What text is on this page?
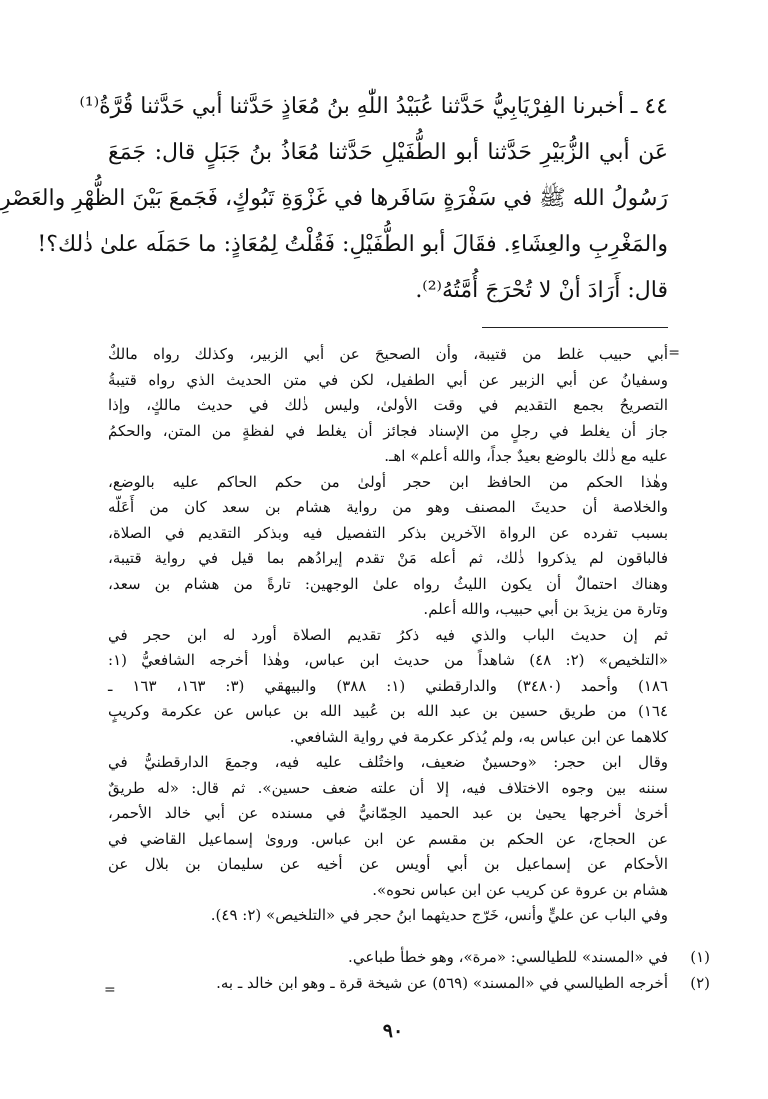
٤٤ ـ أخبرنا الفِرْيَابِيُّ حَدَّثنا عُبَيْدُ اللّٰهِ بنُ مُعَاذٍ حَدَّثنا أبي حَدَّثنا قُرَّةُ⁽¹⁾
عَن أبي الزُّبَيْرِ حَدَّثنا أبو الطُّفَيْلِ حَدَّثنا مُعَاذُ بنُ جَبَلٍ قال: جَمَعَ
رَسُولُ الله ﷺ في سَفْرَةٍ سَافَرها في غَزْوَةِ تَبُوكٍ، فَجَمعَ بَيْنَ الظُّهْرِ والعَصْرِ
والمَغْرِبِ والعِشَاءِ. فقَالَ أبو الطُّفَيْلِ: فَقُلْتُ لِمُعَاذٍ: ما حَمَلَه علىٰ ذٰلك؟!
قال: أَرَادَ أنْ لا تُحْرَجَ أُمَّتُهُ⁽²⁾.
=
أبي حبيب غلط من قتيبة، وأن الصحيحَ عن أبي الزبير، وكذلك رواه مالكٌ
وسفيانُ عن أبي الزبير عن أبي الطفيل، لكن في متن الحديث الذي رواه قتيبةُ
التصريحُ بجمع التقديم في وقت الأولىٰ، وليس ذٰلك في حديث مالكٍ، وإذا
جاز أن يغلط في رجلٍ من الإسناد فجائز أن يغلط في لفظةٍ من المتن، والحكمُ
عليه مع ذٰلك بالوضع بعيدٌ جداً، والله أعلم» اهـ.
وهٰذا الحكم من الحافظ ابن حجر أولىٰ من حكم الحاكم عليه بالوضع،
والخلاصة أن حديثَ المصنف وهو من رواية هشام بن سعد كان من أَعَلّه
بسبب تفرده عن الرواة الآخرين بذكر التفصيل فيه وبذكر التقديم في الصلاة،
فالباقون لم يذكروا ذٰلك، ثم أعله مَنْ تقدم إيرادُهم بما قيل في رواية قتيبة،
وهناك احتمالٌ أن يكون الليثُ رواه علىٰ الوجهين: تارةً من هشام بن سعد،
وتارة من يزيدَ بن أبي حبيب، والله أعلم.
ثم إن حديث الباب والذي فيه ذكرُ تقديم الصلاة أورد له ابن حجر في
«التلخيص» (٢: ٤٨) شاهداً من حديث ابن عباس، وهٰذا أخرجه الشافعيُّ (١:
١٨٦) وأحمد (٣٤٨٠) والدارقطني (١: ٣٨٨) والبيهقي (٣: ١٦٣، ١٦٣ ـ
١٦٤) من طريق حسين بن عبد الله بن عُبيد الله بن عباس عن عكرمة وكريبٍ
كلاهما عن ابن عباس به، ولم يُذكر عكرمة في رواية الشافعي.
وقال ابن حجر: «وحسينٌ ضعيف، واختُلف عليه فيه، وجمعَ الدارقطنيُّ في
سننه بين وجوه الاختلاف فيه، إلا أن علته ضعف حسين». ثم قال: «له طريقٌ
أخرىٰ أخرجها يحيىٰ بن عبد الحميد الحِمّانيُّ في مسنده عن أبي خالد الأحمر،
عن الحجاج، عن الحكم بن مقسم عن ابن عباس. وروىٰ إسماعيل القاضي في
الأحكام عن إسماعيل بن أبي أويس عن أخيه عن سليمان بن بلال عن
هشام بن عروة عن كريب عن ابن عباس نحوه».
وفي الباب عن عليٍّ وأنس، خَرّج حديثهما ابنُ حجر في «التلخيص» (٢: ٤٩).
(١)
في «المسند» للطيالسي: «مرة»، وهو خطأ طباعي.
(٢)
أخرجه الطيالسي في «المسند» (٥٦٩) عن شيخة قرة ـ وهو ابن خالد ـ به.
=
٩٠
